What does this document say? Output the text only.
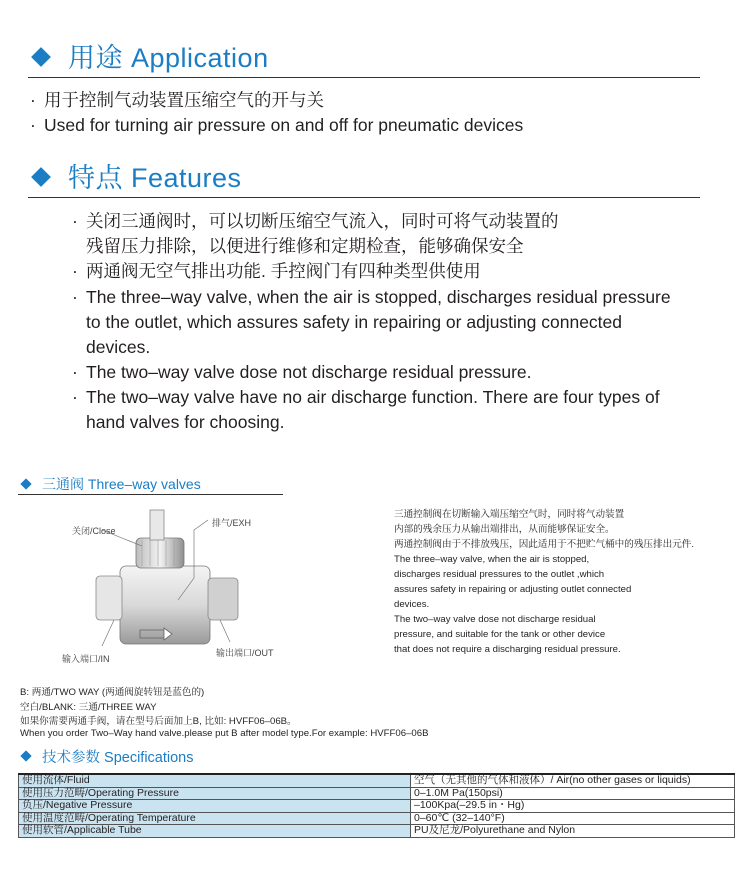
用途 Application
· 用于控制气动装置压缩空气的开与关
· Used for turning air pressure on and off for pneumatic devices
特点 Features
· 关闭三通阀时，可以切断压缩空气流入，同时可将气动装置的
残留压力排除，以便进行维修和定期检查，能够确保安全
· 两通阀无空气排出功能. 手控阀门有四种类型供使用
· The three–way valve, when the air is stopped, discharges residual pressure
to the outlet, which assures safety in repairing or adjusting connected
devices.
· The two–way valve dose not discharge residual pressure.
· The two–way valve have no air discharge function. There are four types of
hand valves for choosing.
三通阀 Three–way valves
关闭/Close
排气/EXH
输入端口/IN
输出端口/OUT
三通控制阀在切断输入端压缩空气时，同时将气动装置
内部的残余压力从输出端排出，从而能够保证安全。
两通控制阀由于不排放残压，因此适用于不把贮气桶中的残压排出元件.
The three–way valve, when the air is stopped,
discharges residual pressures to the outlet ,which
assures safety in repairing or adjusting outlet connected
devices.
The two–way valve dose not discharge residual
pressure, and suitable for the tank or other device
that does not require a discharging residual pressure.
B: 两通/TWO WAY (两通阀旋转钮是蓝色的)
空白/BLANK: 三通/THREE WAY
如果你需要两通手阀，请在型号后面加上B, 比如: HVFF06–06B。
When you order Two–Way hand valve.please put B after model type.For example: HVFF06–06B
技术参数 Specifications
使用流体/Fluid	空气（无其他的气体和液体）/ Air(no other gases or liquids)
使用压力范畴/Operating Pressure	0–1.0M Pa(150psi)
负压/Negative Pressure	–100Kpa(–29.5 in・Hg)
使用温度范畴/Operating Temperature	0–60℃ (32–140°F)
使用软管/Applicable Tube	PU及尼龙/Polyurethane and Nylon
